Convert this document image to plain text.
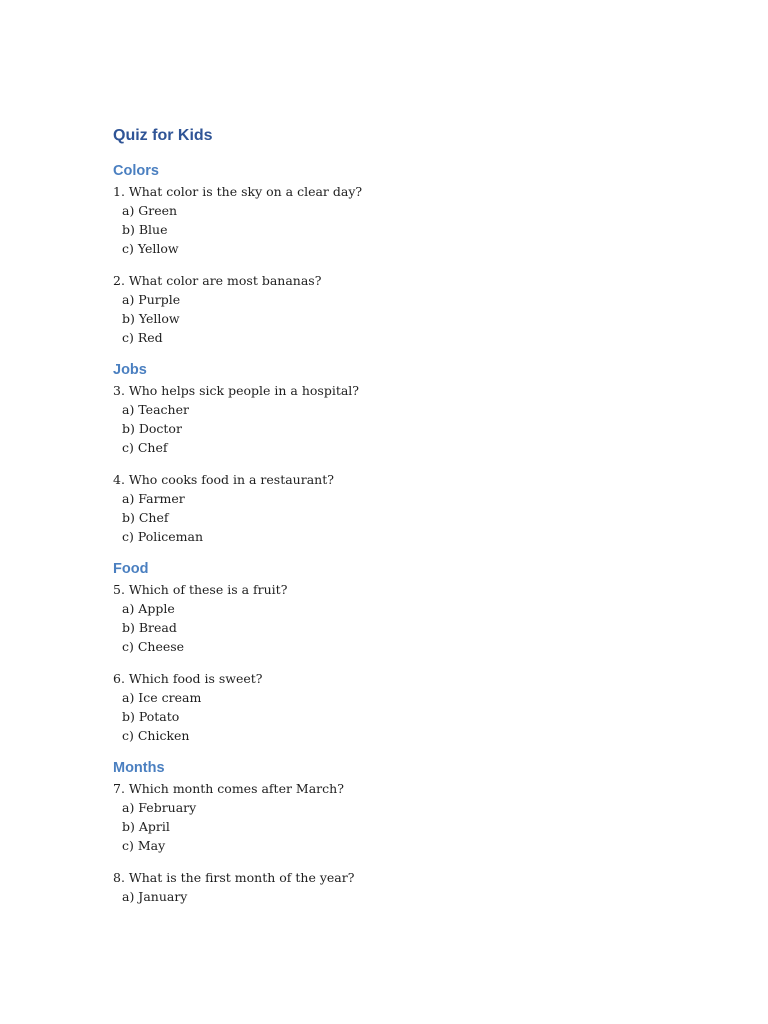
Quiz for Kids
Colors
1. What color is the sky on a clear day?
a) Green
b) Blue
c) Yellow
2. What color are most bananas?
a) Purple
b) Yellow
c) Red
Jobs
3. Who helps sick people in a hospital?
a) Teacher
b) Doctor
c) Chef
4. Who cooks food in a restaurant?
a) Farmer
b) Chef
c) Policeman
Food
5. Which of these is a fruit?
a) Apple
b) Bread
c) Cheese
6. Which food is sweet?
a) Ice cream
b) Potato
c) Chicken
Months
7. Which month comes after March?
a) February
b) April
c) May
8. What is the first month of the year?
a) January
